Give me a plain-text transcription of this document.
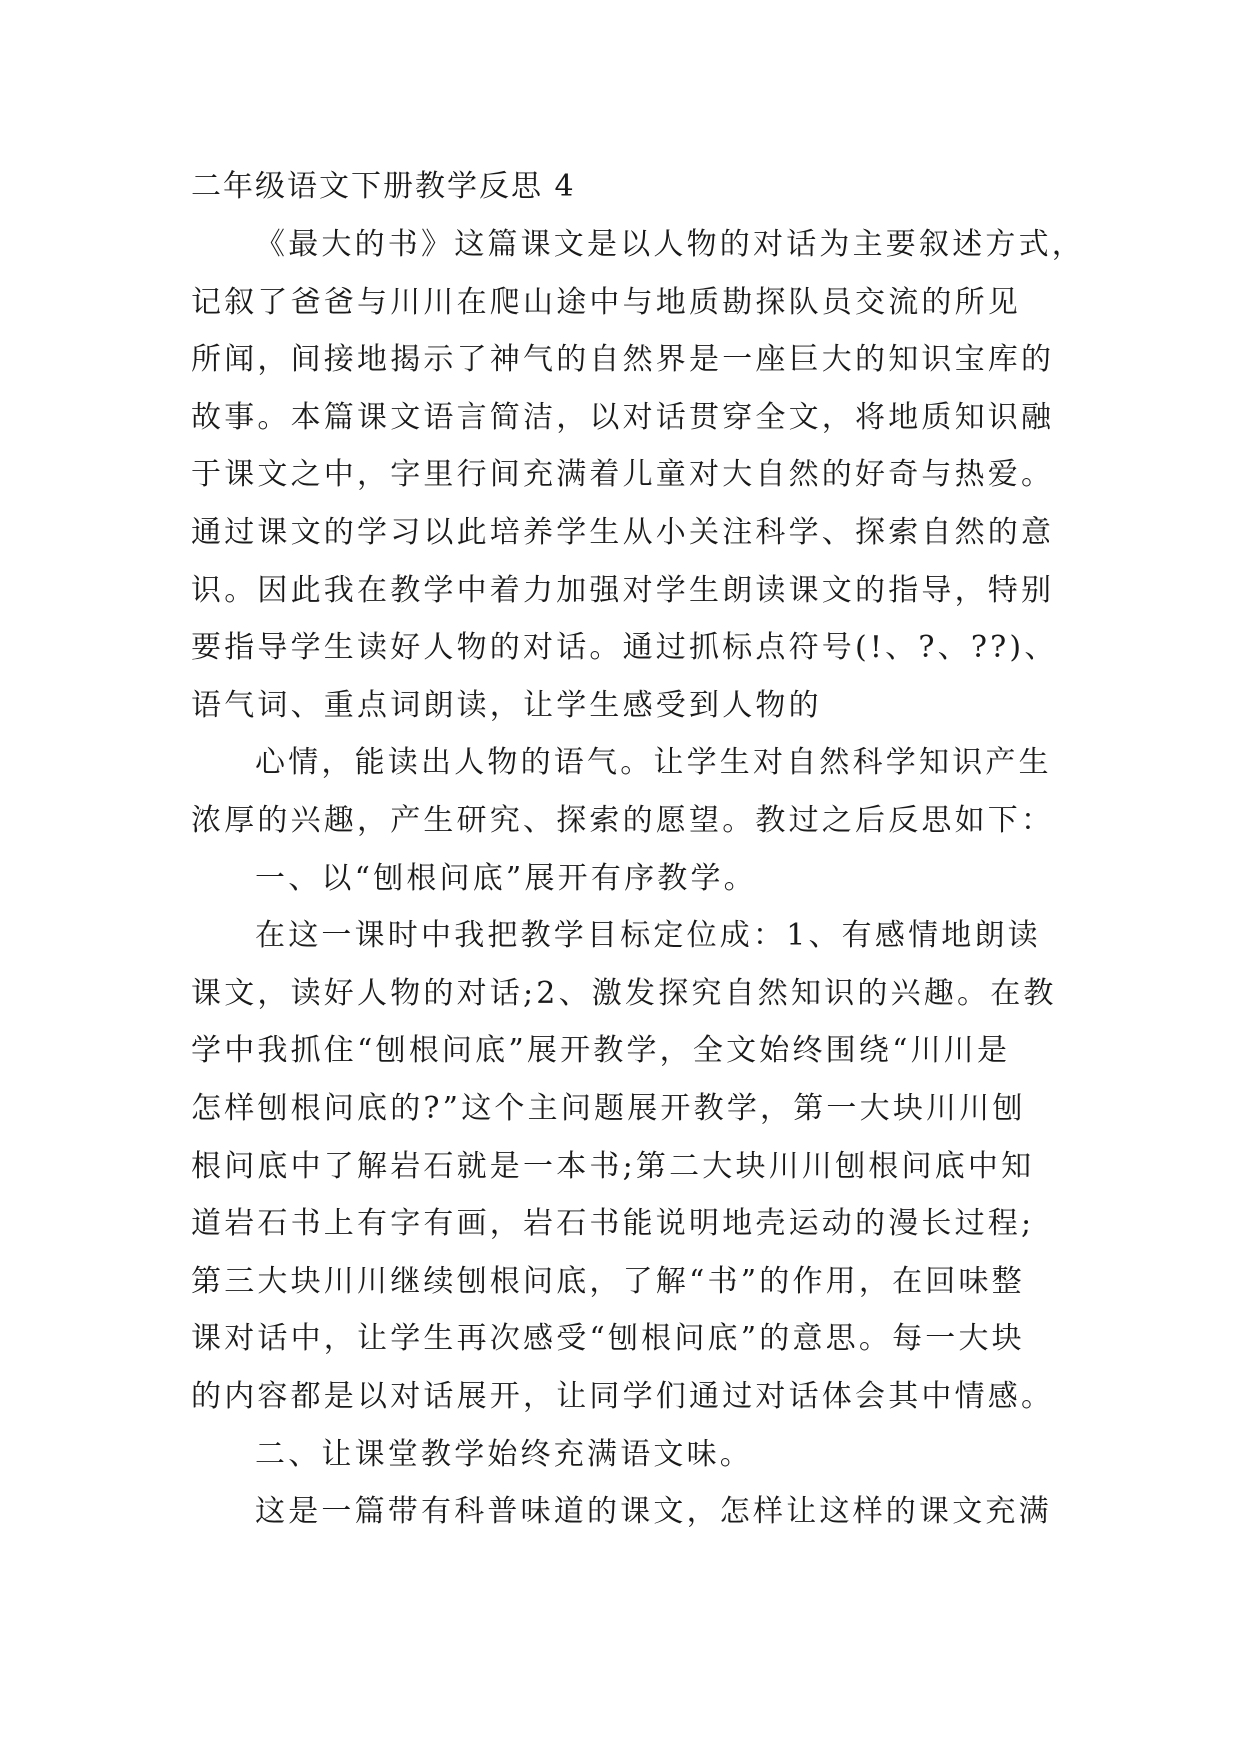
二年级语文下册教学反思 4
《最大的书》这篇课文是以人物的对话为主要叙述方式，
记叙了爸爸与川川在爬山途中与地质勘探队员交流的所见
所闻，间接地揭示了神气的自然界是一座巨大的知识宝库的
故事。本篇课文语言简洁，以对话贯穿全文，将地质知识融
于课文之中，字里行间充满着儿童对大自然的好奇与热爱。
通过课文的学习以此培养学生从小关注科学、探索自然的意
识。因此我在教学中着力加强对学生朗读课文的指导，特别
要指导学生读好人物的对话。通过抓标点符号(!、?、??)、
语气词、重点词朗读，让学生感受到人物的
心情，能读出人物的语气。让学生对自然科学知识产生
浓厚的兴趣，产生研究、探索的愿望。教过之后反思如下：
一、以“刨根问底”展开有序教学。
在这一课时中我把教学目标定位成：1、有感情地朗读
课文，读好人物的对话;2、激发探究自然知识的兴趣。在教
学中我抓住“刨根问底”展开教学，全文始终围绕“川川是
怎样刨根问底的?”这个主问题展开教学，第一大块川川刨
根问底中了解岩石就是一本书;第二大块川川刨根问底中知
道岩石书上有字有画，岩石书能说明地壳运动的漫长过程;
第三大块川川继续刨根问底，了解“书”的作用，在回味整
课对话中，让学生再次感受“刨根问底”的意思。每一大块
的内容都是以对话展开，让同学们通过对话体会其中情感。
二、让课堂教学始终充满语文味。
这是一篇带有科普味道的课文，怎样让这样的课文充满
